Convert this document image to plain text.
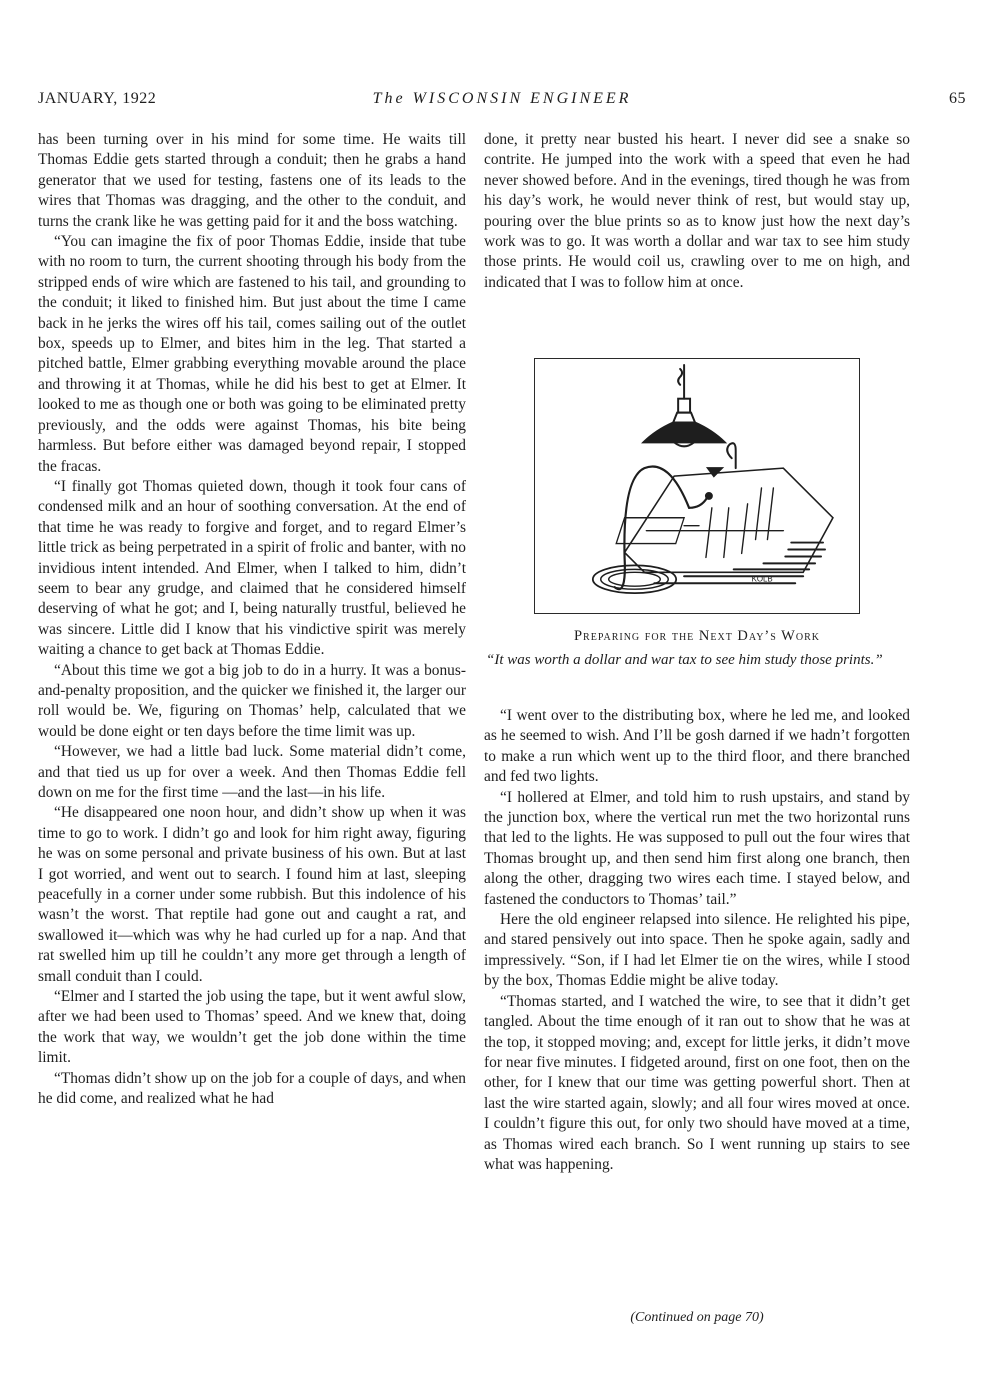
JANUARY, 1922	The WISCONSIN ENGINEER	65

has been turning over in his mind for some time. He waits till Thomas Eddie gets started through a conduit; then he grabs a hand generator that we used for testing, fastens one of its leads to the wires that Thomas was dragging, and the other to the conduit, and turns the crank like he was getting paid for it and the boss watching.

“You can imagine the fix of poor Thomas Eddie, inside that tube with no room to turn, the current shooting through his body from the stripped ends of wire which are fastened to his tail, and grounding to the conduit; it liked to finished him. But just about the time I came back in he jerks the wires off his tail, comes sailing out of the outlet box, speeds up to Elmer, and bites him in the leg. That started a pitched battle, Elmer grabbing everything movable around the place and throwing it at Thomas, while he did his best to get at Elmer. It looked to me as though one or both was going to be eliminated pretty previously, and the odds were against Thomas, his bite being harmless. But before either was damaged beyond repair, I stopped the fracas.

“I finally got Thomas quieted down, though it took four cans of condensed milk and an hour of soothing conversation. At the end of that time he was ready to forgive and forget, and to regard Elmer’s little trick as being perpetrated in a spirit of frolic and banter, with no invidious intent intended. And Elmer, when I talked to him, didn’t seem to bear any grudge, and claimed that he considered himself deserving of what he got; and I, being naturally trustful, believed he was sincere. Little did I know that his vindictive spirit was merely waiting a chance to get back at Thomas Eddie.

“About this time we got a big job to do in a hurry. It was a bonus-and-penalty proposition, and the quicker we finished it, the larger our roll would be. We, figuring on Thomas’ help, calculated that we would be done eight or ten days before the time limit was up.

“However, we had a little bad luck. Some material didn’t come, and that tied us up for over a week. And then Thomas Eddie fell down on me for the first time —and the last—in his life.

“He disappeared one noon hour, and didn’t show up when it was time to go to work. I didn’t go and look for him right away, figuring he was on some personal and private business of his own. But at last I got worried, and went out to search. I found him at last, sleeping peacefully in a corner under some rubbish. But this indolence of his wasn’t the worst. That reptile had gone out and caught a rat, and swallowed it—which was why he had curled up for a nap. And that rat swelled him up till he couldn’t any more get through a length of small conduit than I could.

“Elmer and I started the job using the tape, but it went awful slow, after we had been used to Thomas’ speed. And we knew that, doing the work that way, we wouldn’t get the job done within the time limit.

“Thomas didn’t show up on the job for a couple of days, and when he did come, and realized what he had

done, it pretty near busted his heart. I never did see a snake so contrite. He jumped into the work with a speed that even he had never showed before. And in the evenings, tired though he was from his day’s work, he would never think of rest, but would stay up, pouring over the blue prints so as to know just how the next day’s work was to go. It was worth a dollar and war tax to see him study those prints. He would coil us, crawling over to me on high, and indicated that I was to follow him at once.

KOLB
Preparing for the Next Day’s Work
“It was worth a dollar and war tax to see him study those prints.”

“I went over to the distributing box, where he led me, and looked as he seemed to wish. And I’ll be gosh darned if we hadn’t forgotten to make a run which went up to the third floor, and there branched and fed two lights.

“I hollered at Elmer, and told him to rush upstairs, and stand by the junction box, where the vertical run met the two horizontal runs that led to the lights. He was supposed to pull out the four wires that Thomas brought up, and then send him first along one branch, then along the other, dragging two wires each time. I stayed below, and fastened the conductors to Thomas’ tail.”

Here the old engineer relapsed into silence. He relighted his pipe, and stared pensively out into space. Then he spoke again, sadly and impressively. “Son, if I had let Elmer tie on the wires, while I stood by the box, Thomas Eddie might be alive today.

“Thomas started, and I watched the wire, to see that it didn’t get tangled. About the time enough of it ran out to show that he was at the top, it stopped moving; and, except for little jerks, it didn’t move for near five minutes. I fidgeted around, first on one foot, then on the other, for I knew that our time was getting powerful short. Then at last the wire started again, slowly; and all four wires moved at once. I couldn’t figure this out, for only two should have moved at a time, as Thomas wired each branch. So I went running up stairs to see what was happening.

(Continued on page 70)
